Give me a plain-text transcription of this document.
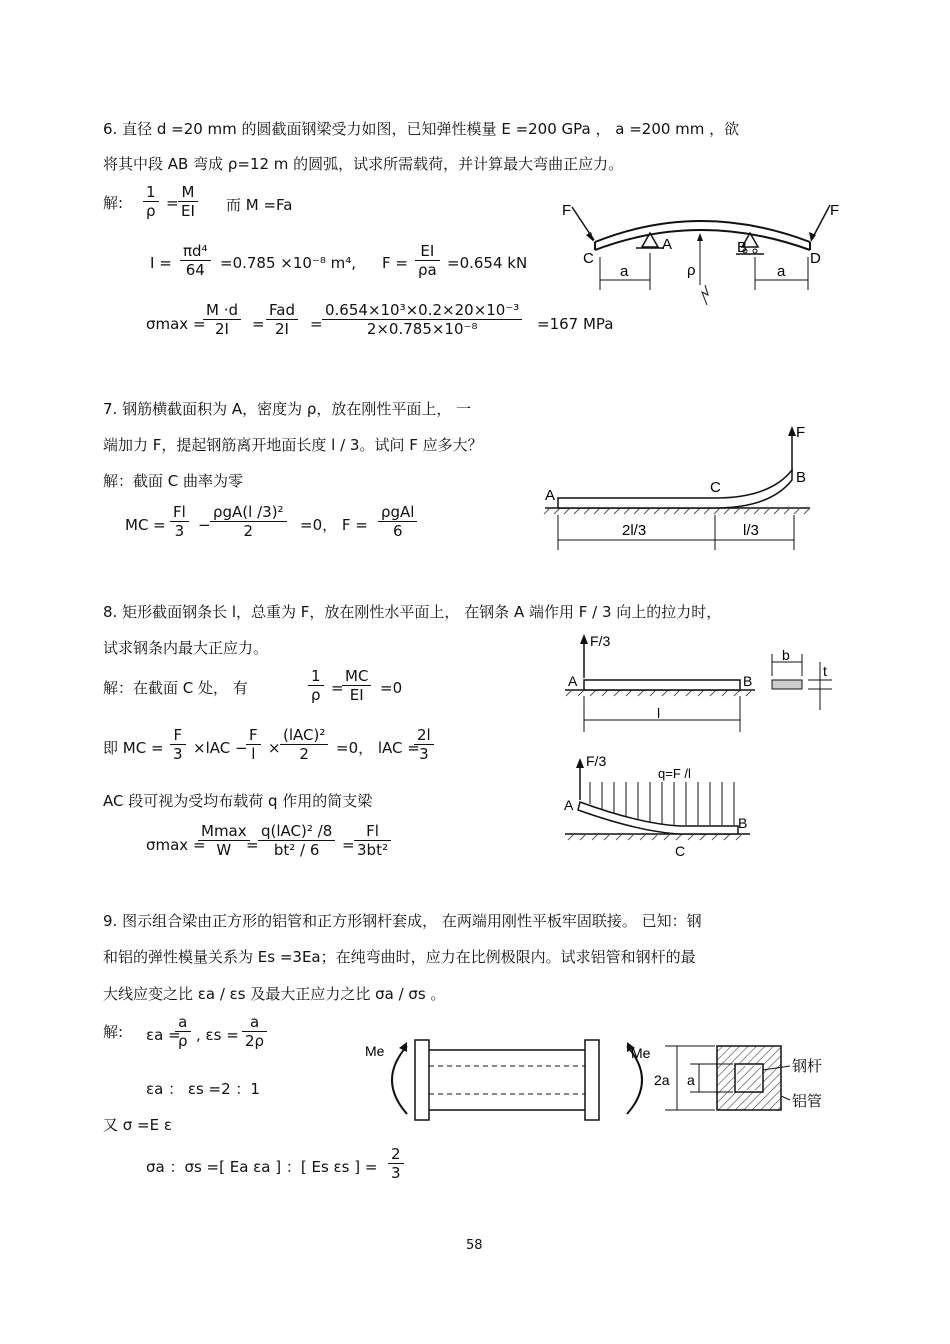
6. 直径 d =20 mm 的圆截面钢梁受力如图，已知弹性模量 E =200 GPa ， a =200 mm ，欲
将其中段 AB 弯成 ρ=12 m 的圆弧，试求所需载荷，并计算最大弯曲正应力。
解: $\frac{1}{\rho} = \frac{M}{EI}$ 而 M =Fa
$I = \frac{\text{πd⁴}}{64} =0.785 \times 10^{-8}$ m⁴, $F = \frac{EI}{\rho a} =0.654$ kN
σmax =
$\frac{M \cdot d}{2I}$ =
Fad
2I	= $\frac{\text{0.654×10³×0.2×20×10⁻³}}{\text{2×0.785×10⁻⁸}} =167$ MPa
F	F
A	B
C	D
a	a
ρ
7. 钢筋横截面积为 A，密度为 ρ，放在刚性平面上， 一
端加力 F，提起钢筋离开地面长度 l / 3。试问 F 应多大？
解：截面 C 曲率为零
MC = $\frac{Fl}{3}$ −
ρgA(l /3)²
2	=0， F =
ρgAl
6
F
A
B
C
2l/3	l/3
8. 矩形截面钢条长 l，总重为 F，放在刚性水平面上， 在钢条 A 端作用 F / 3 向上的拉力时，
试求钢条内最大正应力。
解：在截面 C 处， 有	$\frac{1}{\rho}$ =
$\frac{MC}{EI} =0$
即 MC = $\frac{F}{3} \times lAC$ −
$\frac{F}{l}$ ×
(lAC)²
2	=0， lAC =
$\frac{2l}{3}$
AC 段可视为受均布载荷 q 作用的简支梁
σmax =
Mmax
W =
q(lAC)² /8
bt² / 6	= $\frac{Fl}{\text{3bt²}}$
F/3
A	B
l
b
t
F/3
q=F /l
A
B
C
9. 图示组合梁由正方形的铝管和正方形钢杆套成， 在两端用刚性平板牢固联接。 已知：钢
和铝的弹性模量关系为 Es =3Ea；在纯弯曲时，应力在比例极限内。试求铝管和钢杆的最
大线应变之比 εa / εs 及最大正应力之比 σa / σs 。
解: εa =
$\frac{a}{\rho}$ , $\varepsilon s = \frac{a}{2\rho}$
εa ： εs =2 ：1
又 σ =E ε
σa ：σs =[ Ea εa ] ：[ Es εs ] = $\frac{2}{3}$
Me	Me
2a a
钢杆
铝管
58
